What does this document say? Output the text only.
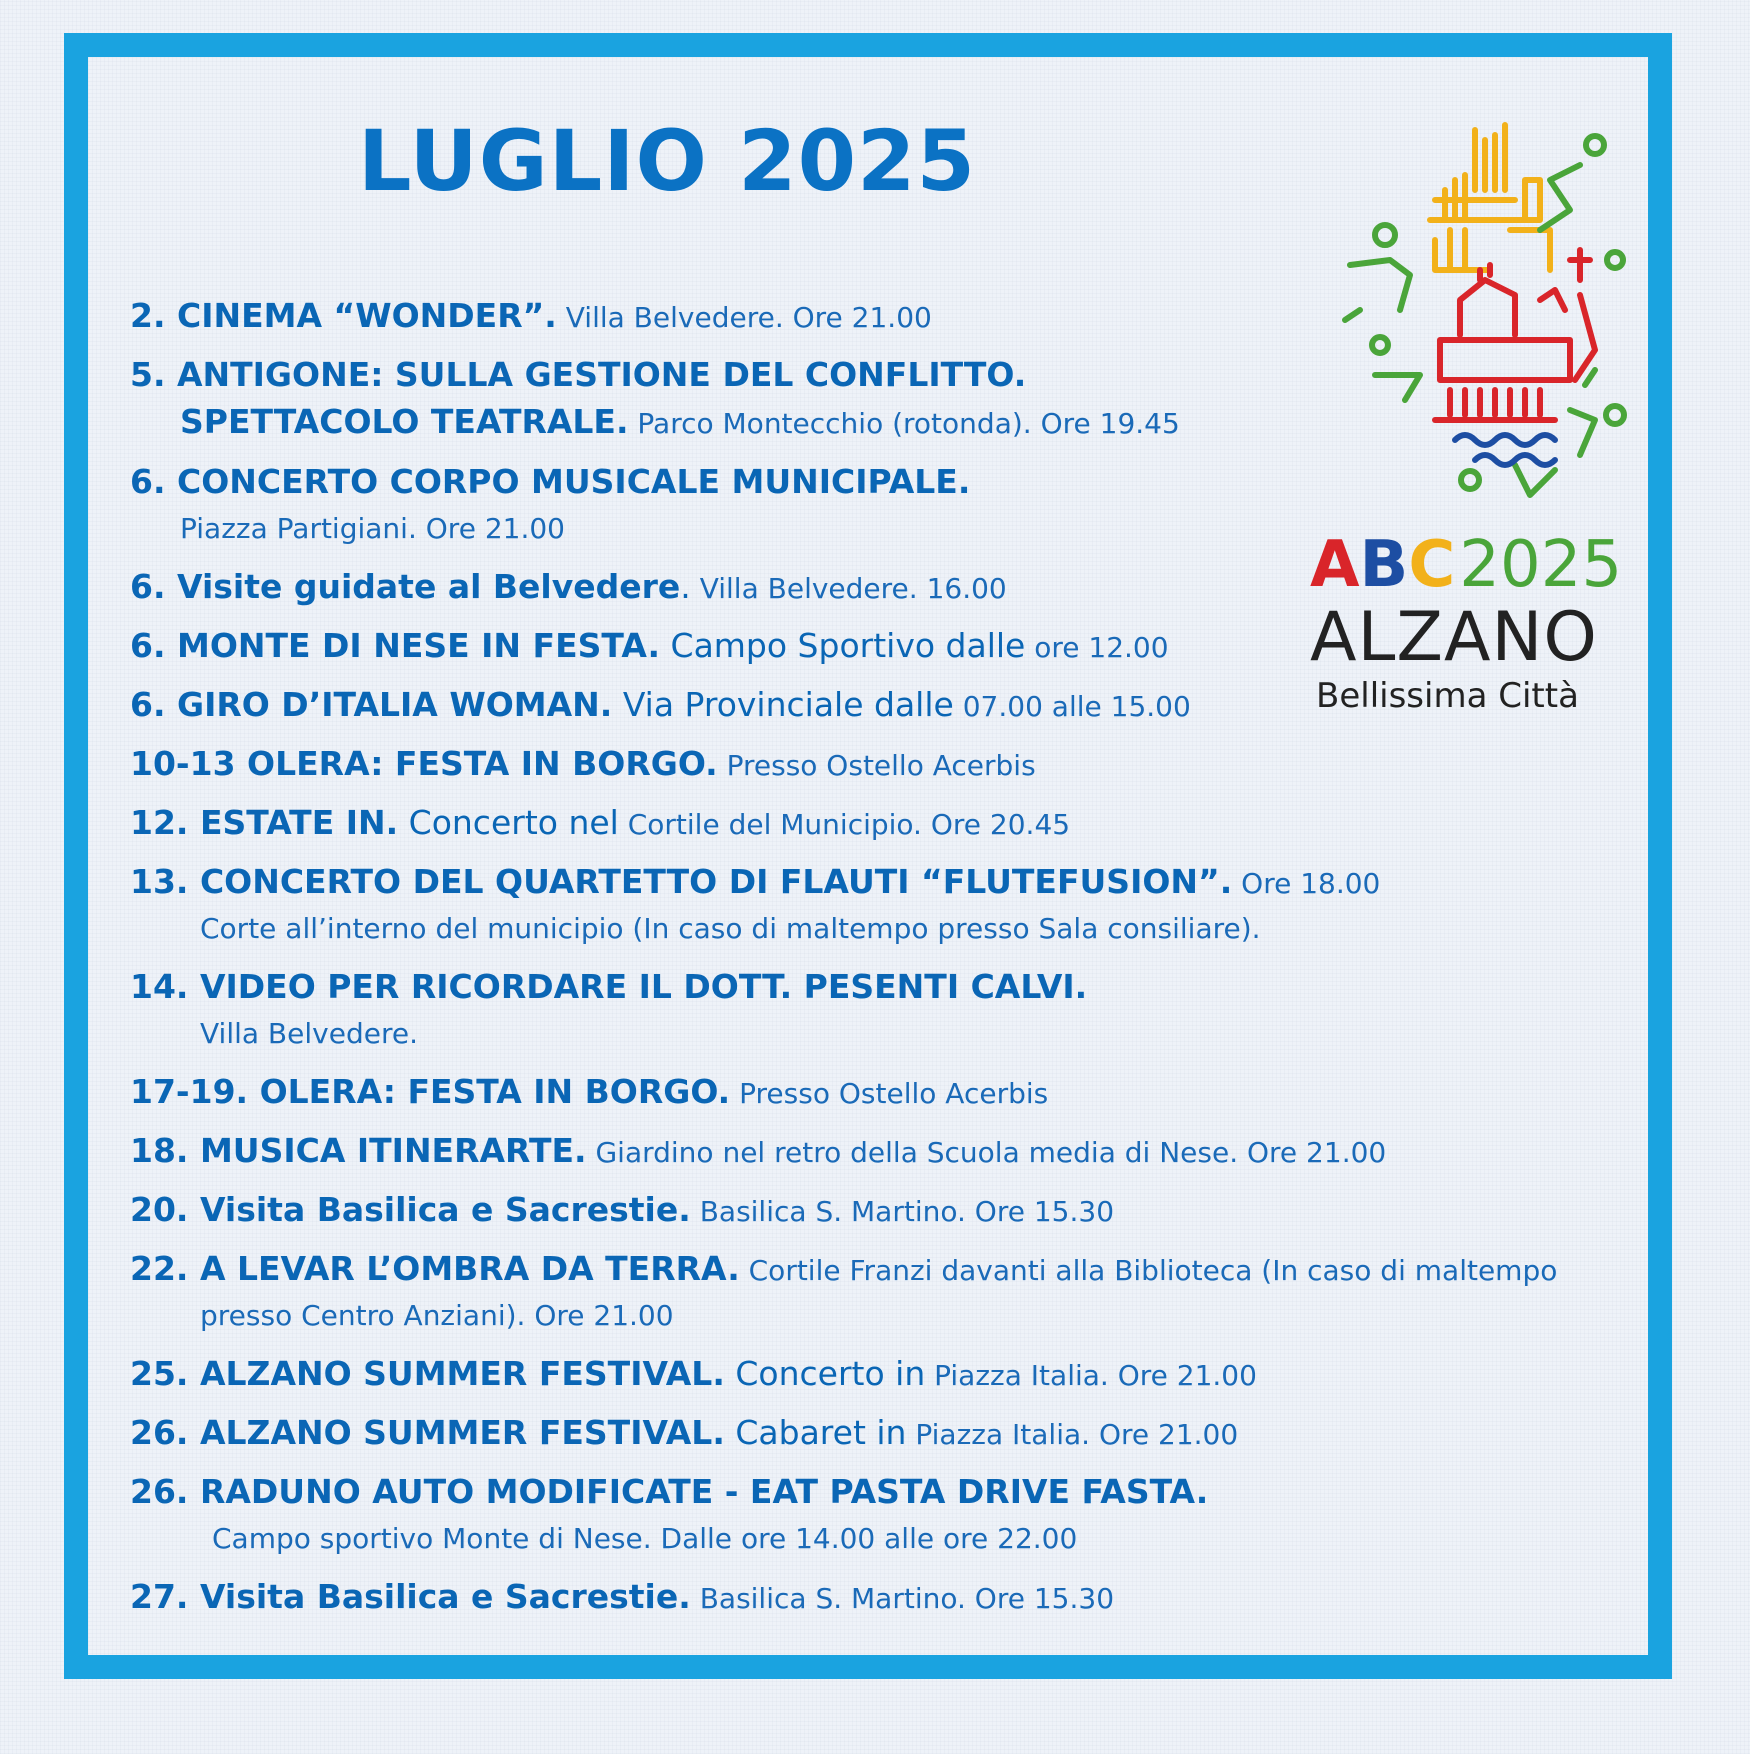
LUGLIO 2025
2. CINEMA “WONDER”. Villa Belvedere. Ore 21.00
5. ANTIGONE: SULLA GESTIONE DEL CONFLITTO.
SPETTACOLO TEATRALE. Parco Montecchio (rotonda). Ore 19.45
6. CONCERTO CORPO MUSICALE MUNICIPALE.
Piazza Partigiani. Ore 21.00
6. Visite guidate al Belvedere. Villa Belvedere. 16.00
6. MONTE DI NESE IN FESTA. Campo Sportivo dalle ore 12.00
6. GIRO D’ITALIA WOMAN. Via Provinciale dalle 07.00 alle 15.00
10-13 OLERA: FESTA IN BORGO. Presso Ostello Acerbis
12. ESTATE IN. Concerto nel Cortile del Municipio. Ore 20.45
13. CONCERTO DEL QUARTETTO DI FLAUTI “FLUTEFUSION”. Ore 18.00
Corte all’interno del municipio (In caso di maltempo presso Sala consiliare).
14. VIDEO PER RICORDARE IL DOTT. PESENTI CALVI.
Villa Belvedere.
17-19. OLERA: FESTA IN BORGO. Presso Ostello Acerbis
18. MUSICA ITINERARTE. Giardino nel retro della Scuola media di Nese. Ore 21.00
20. Visita Basilica e Sacrestie. Basilica S. Martino. Ore 15.30
22. A LEVAR L’OMBRA DA TERRA. Cortile Franzi davanti alla Biblioteca (In caso di maltempo
presso Centro Anziani). Ore 21.00
25. ALZANO SUMMER FESTIVAL. Concerto in Piazza Italia. Ore 21.00
26. ALZANO SUMMER FESTIVAL. Cabaret in Piazza Italia. Ore 21.00
26. RADUNO AUTO MODIFICATE - EAT PASTA DRIVE FASTA.
Campo sportivo Monte di Nese. Dalle ore 14.00 alle ore 22.00
27. Visita Basilica e Sacrestie. Basilica S. Martino. Ore 15.30
ABC2025
ALZANO
Bellissima Città
